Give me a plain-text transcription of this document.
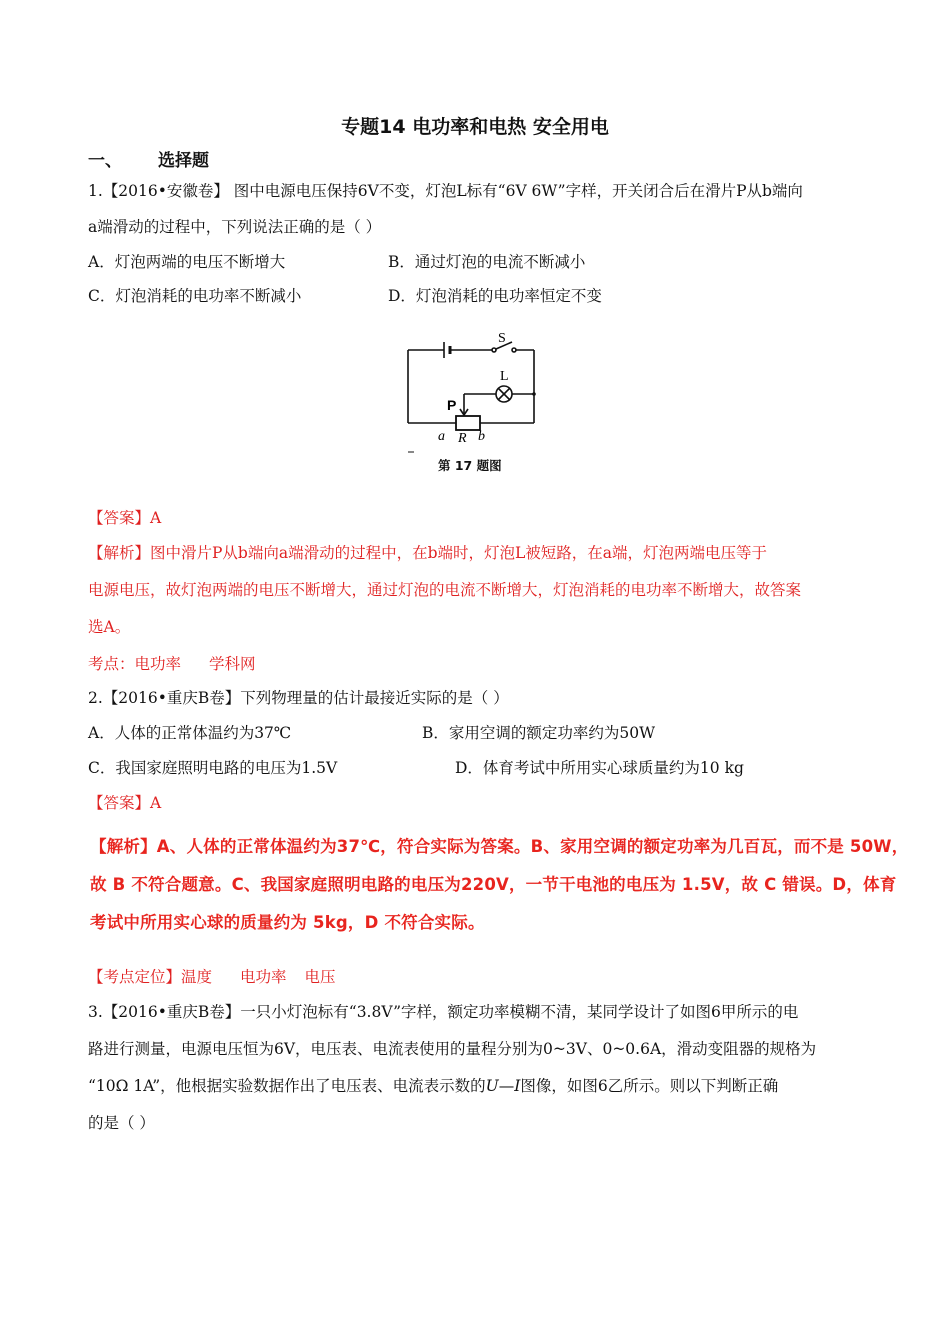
专题14 电功率和电热 安全用电
一、 选择题
1.【2016•安徽卷】 图中电源电压保持6V不变，灯泡L标有“6V 6W”字样，开关闭合后在滑片P从b端向
a端滑动的过程中，下列说法正确的是（ ）
A．灯泡两端的电压不断增大	B．通过灯泡的电流不断减小
C．灯泡消耗的电功率不断减小	D．灯泡消耗的电功率恒定不变
S
L
P
a R b
第 17 题图
【答案】A
【解析】图中滑片P从b端向a端滑动的过程中，在b端时，灯泡L被短路，在a端，灯泡两端电压等于
电源电压，故灯泡两端的电压不断增大，通过灯泡的电流不断增大，灯泡消耗的电功率不断增大，故答案
选A。
考点：电功率 学科网
2.【2016•重庆B卷】下列物理量的估计最接近实际的是（ ）
A．人体的正常体温约为37℃	B．家用空调的额定功率约为50W
C．我国家庭照明电路的电压为1.5V	D．体育考试中所用实心球质量约为10 kg
【答案】A
【解析】A、人体的正常体温约为37℃，符合实际为答案。B、家用空调的额定功率为几百瓦，而不是 50W，
故 B 不符合题意。C、我国家庭照明电路的电压为220V，一节干电池的电压为 1.5V，故 C 错误。D，体育
考试中所用实心球的质量约为 5kg，D 不符合实际。
【考点定位】温度 电功率 电压
3.【2016•重庆B卷】一只小灯泡标有“3.8V”字样，额定功率模糊不清，某同学设计了如图6甲所示的电
路进行测量，电源电压恒为6V，电压表、电流表使用的量程分别为0~3V、0~0.6A，滑动变阻器的规格为
“10Ω 1A”，他根据实验数据作出了电压表、电流表示数的U—I图像，如图6乙所示。则以下判断正确
的是（ ）
